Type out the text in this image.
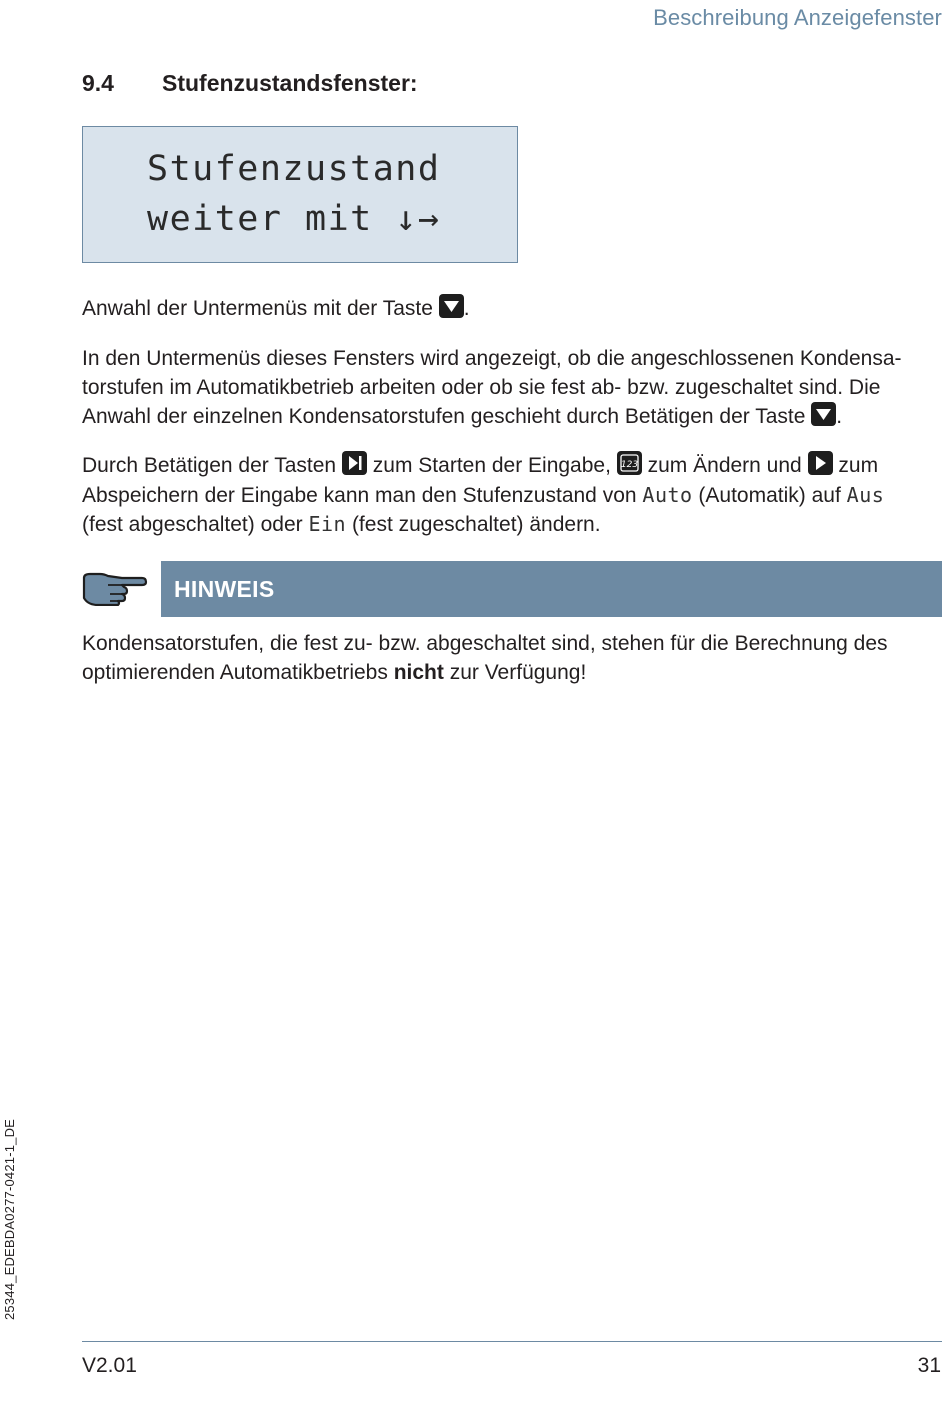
Beschreibung Anzeigefenster
9.4 Stufenzustandsfenster:
Stufenzustand
weiter mit ↓→
Anwahl der Untermenüs mit der Taste .
In den Untermenüs dieses Fensters wird angezeigt, ob die angeschlossenen Kondensa-
torstufen im Automatikbetrieb arbeiten oder ob sie fest ab- bzw. zugeschaltet sind. Die
Anwahl der einzelnen Kondensatorstufen geschieht durch Betätigen der Taste .
Durch Betätigen der Tasten zum Starten der Eingabe, 123 zum Ändern und zum
Abspeichern der Eingabe kann man den Stufenzustand von Auto (Automatik) auf Aus
(fest abgeschaltet) oder Ein (fest zugeschaltet) ändern.
HINWEIS
Kondensatorstufen, die fest zu- bzw. abgeschaltet sind, stehen für die Berechnung des optimierenden Automatikbetriebs nicht zur Verfügung!
25344_EDEBDA0277-0421-1_DE
V2.01	31
